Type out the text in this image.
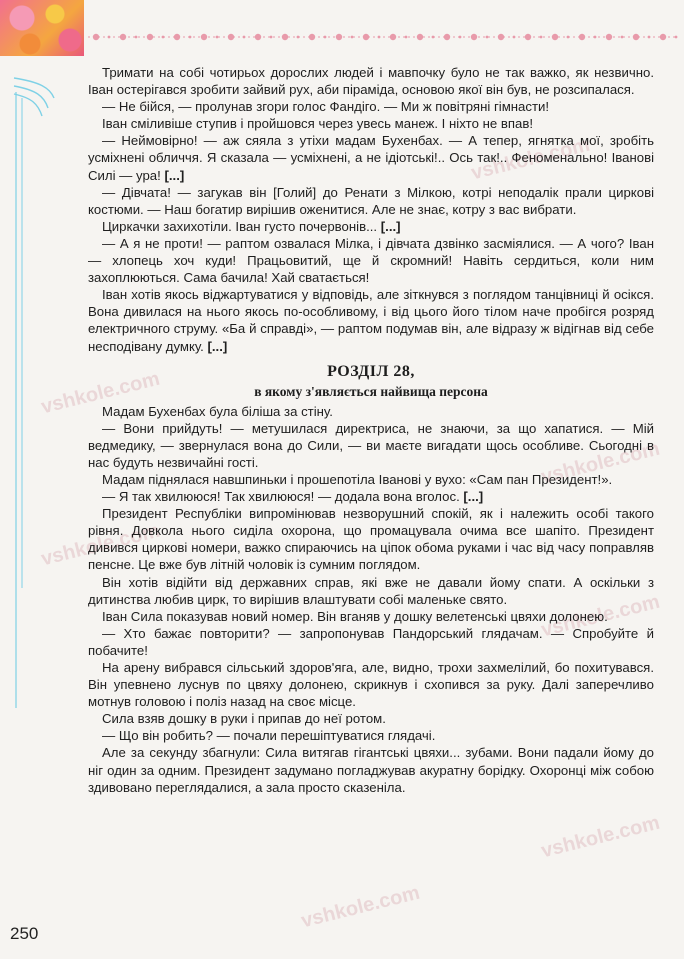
vshkole.com
vshkole.com
vshkole.com
vshkole.com
vshkole.com
vshkole.com
vshkole.com

Тримати на собі чотирьох дорослих людей і мавпочку було не так важко, як незвично. Іван остерігався зробити зайвий рух, аби піраміда, основою якої він був, не розсипалася.

— Не бійся, — пролунав згори голос Фандіго. — Ми ж повітряні гімнасти!

Іван сміливіше ступив і пройшовся через увесь манеж. І ніхто не впав!

— Неймовірно! — аж сяяла з утіхи мадам Бухенбах. — А тепер, ягнятка мої, зробіть усміхнені обличчя. Я сказала — усміхнені, а не ідіотські!.. Ось так!.. Феноменально! Іванові Силі — ура! [...]

— Дівчата! — загукав він [Голий] до Ренати з Мілкою, котрі неподалік прали циркові костюми. — Наш богатир вирішив оженитися. Але не знає, котру з вас вибрати.

Циркачки захихотіли. Іван густо почервонів... [...]

— А я не проти! — раптом озвалася Мілка, і дівчата дзвінко засміялися. — А чого? Іван — хлопець хоч куди! Працьовитий, ще й скромний! Навіть сердиться, коли ним захоплюються. Сама бачила! Хай сватається!

Іван хотів якось віджартуватися у відповідь, але зіткнувся з поглядом танцівниці й осікся. Вона дивилася на нього якось по-особливому, і від цього його тілом наче пробігся розряд електричного струму. «Ба й справді», — раптом подумав він, але відразу ж відігнав від себе несподівану думку. [...]

РОЗДІЛ 28,
в якому з'являється найвища персона

Мадам Бухенбах була біліша за стіну.

— Вони прийдуть! — метушилася директриса, не знаючи, за що хапатися. — Мій ведмедику, — звернулася вона до Сили, — ви маєте вигадати щось особливе. Сьогодні в нас будуть незвичайні гості.

Мадам піднялася навшпиньки і прошепотіла Іванові у вухо: «Сам пан Президент!».

— Я так хвилююся! Так хвилююся! — додала вона вголос. [...]

Президент Республіки випромінював незворушний спокій, як і належить особі такого рівня. Довкола нього сиділа охорона, що промацувала очима все шапіто. Президент дивився циркові номери, важко спираючись на ціпок обома руками і час від часу поправляв пенсне. Це вже був літній чоловік із сумним поглядом.

Він хотів відійти від державних справ, які вже не давали йому спати. А оскільки з дитинства любив цирк, то вирішив влаштувати собі маленьке свято.

Іван Сила показував новий номер. Він вганяв у дошку велетенські цвяхи долонею.

— Хто бажає повторити? — запропонував Пандорський глядачам. — Спробуйте й побачите!

На арену вибрався сільський здоров'яга, але, видно, трохи захмелілий, бо похитувався. Він упевнено луснув по цвяху долонею, скрикнув і схопився за руку. Далі заперечливо мотнув головою і поліз назад на своє місце.

Сила взяв дошку в руки і припав до неї ротом.

— Що він робить? — почали перешіптуватися глядачі.

Але за секунду збагнули: Сила витягав гігантські цвяхи... зубами. Вони падали йому до ніг один за одним. Президент задумано погладжував акуратну борідку. Охоронці між собою здивовано переглядалися, а зала просто сказеніла.

250
